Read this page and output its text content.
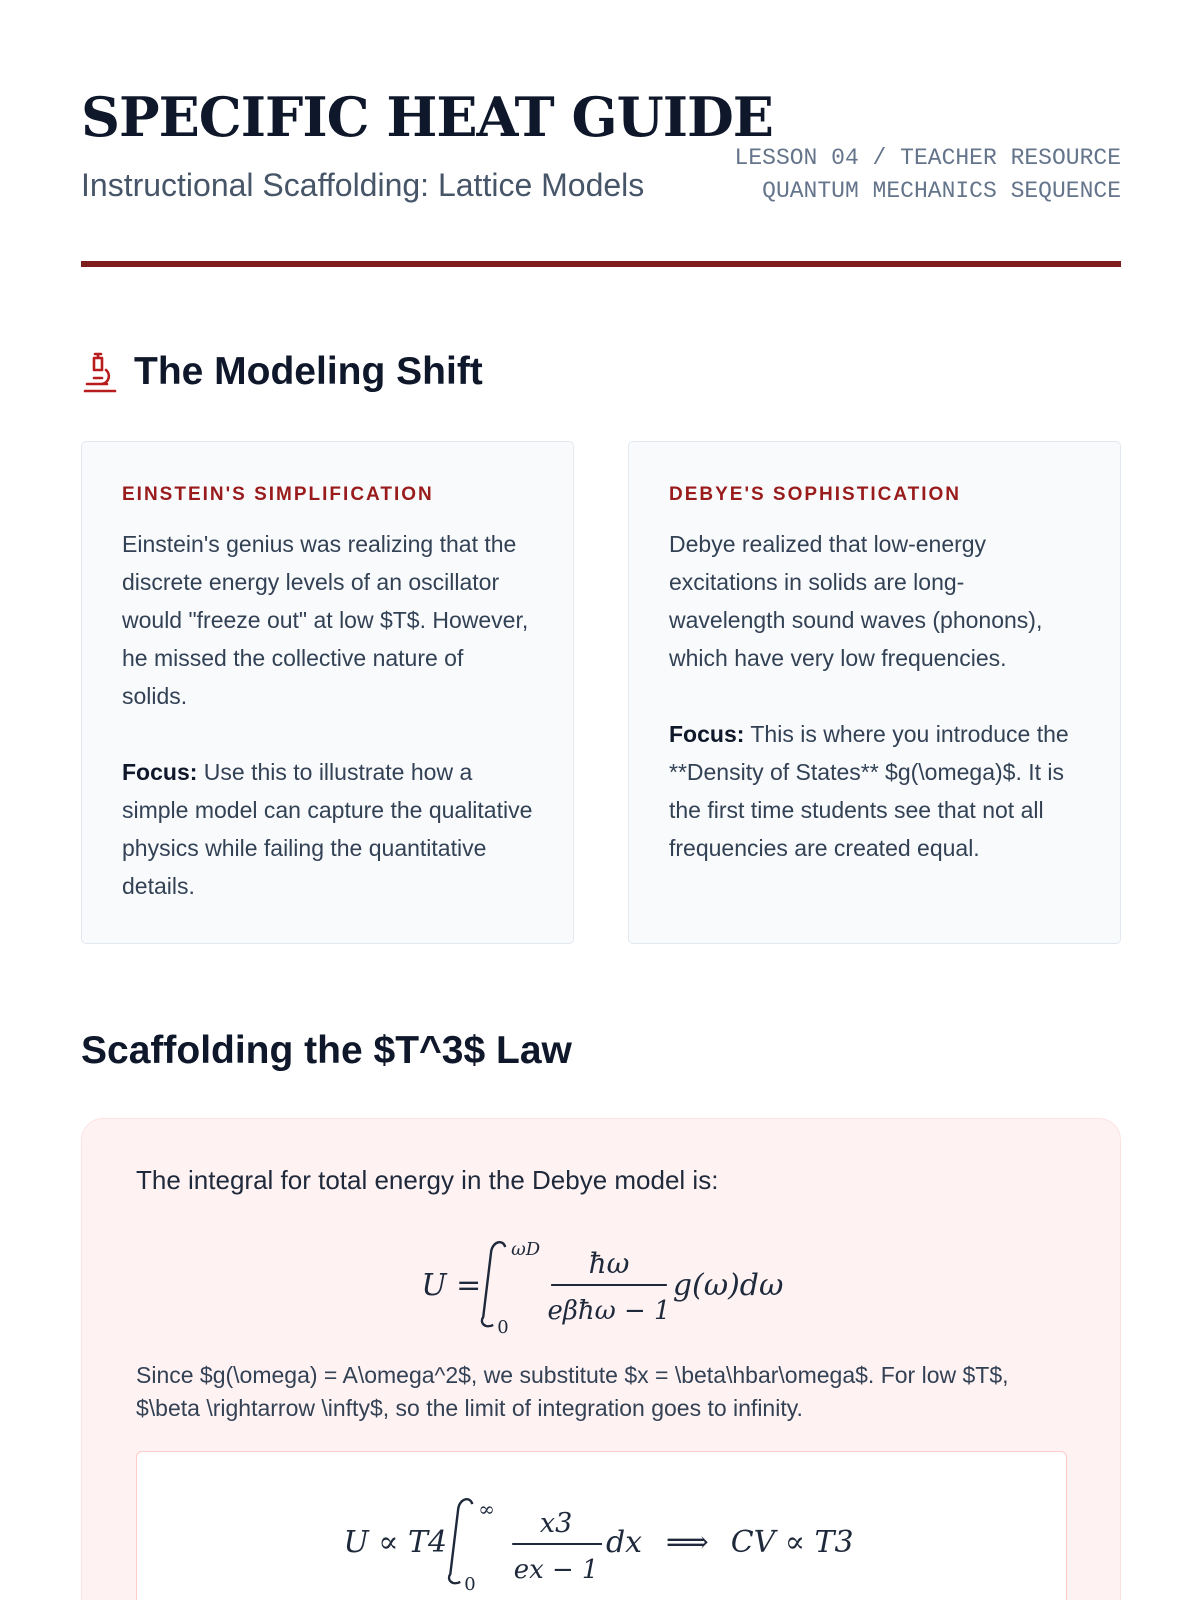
SPECIFIC HEAT GUIDE
Instructional Scaffolding: Lattice Models
LESSON 04 / TEACHER RESOURCE
QUANTUM MECHANICS SEQUENCE
The Modeling Shift
EINSTEIN'S SIMPLIFICATION

Einstein's genius was realizing that the discrete energy levels of an oscillator would "freeze out" at low $T$. However, he missed the collective nature of solids.

Focus: Use this to illustrate how a simple model can capture the qualitative physics while failing the quantitative details.

DEBYE'S SOPHISTICATION

Debye realized that low-energy excitations in solids are long-wavelength sound waves (phonons), which have very low frequencies.

Focus: This is where you introduce the **Density of States** $g(\omega)$. It is the first time students see that not all frequencies are created equal.

Scaffolding the $T^3$ Law

The integral for total energy in the Debye model is:

U =
ωD
0
ħω
eβħω − 1
g(ω)dω

Since $g(\omega) = A\omega^2$, we substitute $x = \beta\hbar\omega$. For low $T$, $\beta \rightarrow \infty$, so the limit of integration goes to infinity.

U ∝ T4
∞
0
x3
ex − 1
dx ⟹ CV ∝ T3
